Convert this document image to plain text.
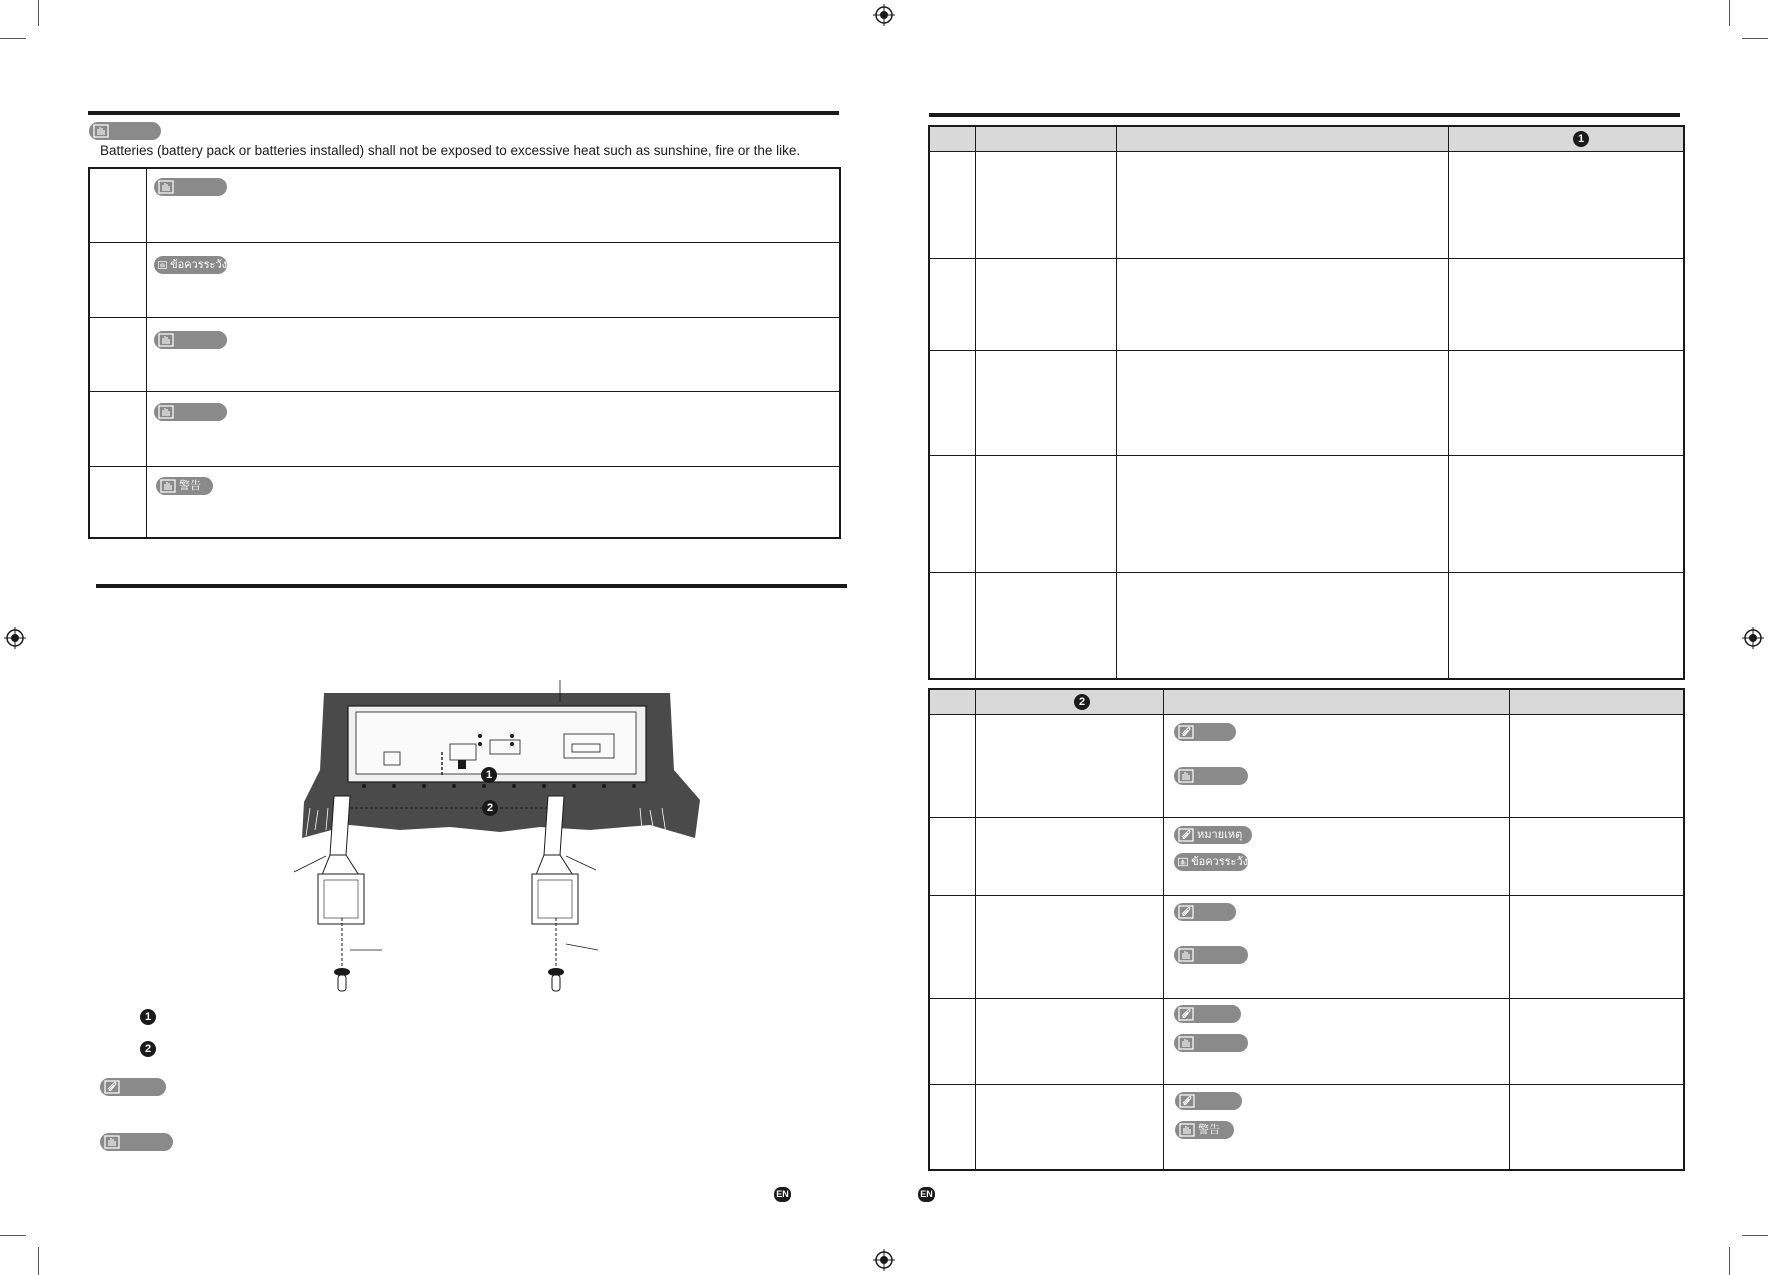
Batteries (battery pack or batteries installed) shall not be exposed to excessive heat such as sunshine, fire or the like.
ข้อควรระวัง
警告
1
2
1
2
EN
1
2
หมายเหตุ
ข้อควรระวัง
警告
EN
